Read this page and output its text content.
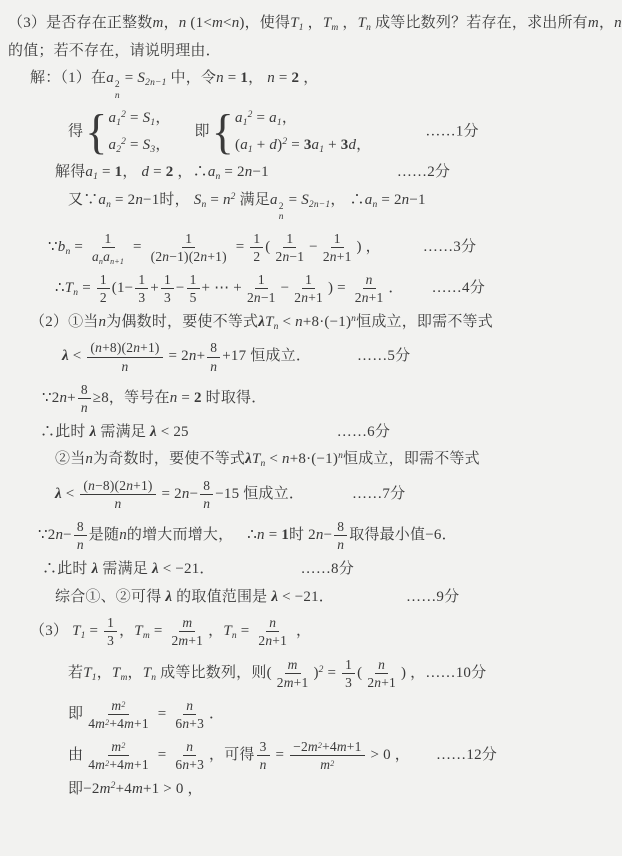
（3）是否存在正整数m，n (1<m<n)，使得$T_1$ ，$T_m$ ，$T_n$ 成等比数列？若存在，求出所有m，n
的值；若不存在，请说明理由．
解：（1）在a 2
n
= $S_{2n-1}$ 中，令n = 1， n = 2 ，
得 { $a_1^2 = S_1$，
$a_2^2 = S_3$，
即 { $a_1^2 = a_1$，
$(a_1 + d)^2 = 3a_1 + 3d$，
……1分
解得$a_1 = 1$， d = 2 ，$\therefore a_n = 2n-1$	……2分
又$\because a_n = 2n-1$时， $S_n = n^2$ 满足a 2
n
= $S_{2n-1}$， $\therefore a_n = 2n-1$
$\because b_n = \frac{1}{a_na_{n+1}} = \frac{1}{(2n-1)(2n+1)} = \frac{1}{2}$ ( $\frac{1}{2n-1} - \frac{1}{2n+1}$ ) ，	……3分
$\therefore T_n = \frac{1}{2} (1- \frac{1}{3} + \frac{1}{3} - \frac{1}{5}$ + ⋯ + $\frac{1}{2n-1} - \frac{1}{2n+1}$ ) = $\frac{n}{2n+1}$ ． ……4分
（2）①当n为偶数时，要使不等式$\lambda T_n < n+8\cdot(-1)^n$恒成立，即需不等式
$\lambda < \frac{(n+8)(2n+1)}{n} = 2n+ \frac{8}{n} +17$ 恒成立．	……5分
∵2n+ $\frac{8}{n} \ge 8$，等号在n = 2 时取得．
∴此时 λ 需满足 λ < 25	……6分
②当n为奇数时，要使不等式$\lambda T_n < n+8\cdot(-1)^n$恒成立，即需不等式
$\lambda < \frac{(n-8)(2n+1)}{n} = 2n- \frac{8}{n} -15$ 恒成立．	……7分
∵2n− $\frac{8}{n}$ 是随n的增大而增大， ∴n = 1时 $2n- \frac{8}{n}$ 取得最小值−6．
∴此时 λ 需满足 λ < −21．	……8分
综合①、②可得 λ 的取值范围是 λ < −21．	……9分
（3） $T_1 = \frac{1}{3}$ ，$T_m = \frac{m}{2m+1}$ ，$T_n = \frac{n}{2n+1}$ ，
若$T_1$，$T_m$，$T_n$ 成等比数列，则( $\frac{m}{2m+1} )^2 = \frac{1}{3}$ ( $\frac{n}{2n+1}$ ) ，……10分
即 $\frac{m^2}{4m^2+4m+1} = \frac{n}{6n+3}$ ．
由 $\frac{m^2}{4m^2+4m+1} = \frac{n}{6n+3}$ ，可得 $\frac{3}{n} = \frac{-2m^2+4m+1}{m^2} > 0$ ， ……12分
即$-2m^2+4m+1 > 0$ ，
